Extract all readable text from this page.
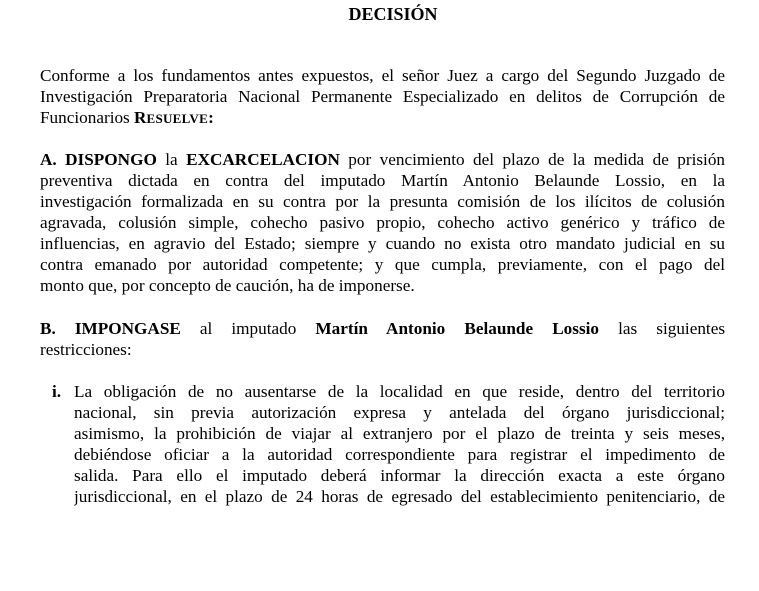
DECISIÓN
Conforme a los fundamentos antes expuestos, el señor Juez a cargo del Segundo Juzgado de
Investigación Preparatoria Nacional Permanente Especializado en delitos de Corrupción de
Funcionarios RESUELVE:
A. DISPONGO la EXCARCELACION por vencimiento del plazo de la medida de prisión
preventiva dictada en contra del imputado Martín Antonio Belaunde Lossio, en la
investigación formalizada en su contra por la presunta comisión de los ilícitos de colusión
agravada, colusión simple, cohecho pasivo propio, cohecho activo genérico y tráfico de
influencias, en agravio del Estado; siempre y cuando no exista otro mandato judicial en su
contra emanado por autoridad competente; y que cumpla, previamente, con el pago del
monto que, por concepto de caución, ha de imponerse.
B. IMPONGASE al imputado Martín Antonio Belaunde Lossio las siguientes
restricciones:
i. La obligación de no ausentarse de la localidad en que reside, dentro del territorio
nacional, sin previa autorización expresa y antelada del órgano jurisdiccional;
asimismo, la prohibición de viajar al extranjero por el plazo de treinta y seis meses,
debiéndose oficiar a la autoridad correspondiente para registrar el impedimento de
salida. Para ello el imputado deberá informar la dirección exacta a este órgano
jurisdiccional, en el plazo de 24 horas de egresado del establecimiento penitenciario, de
